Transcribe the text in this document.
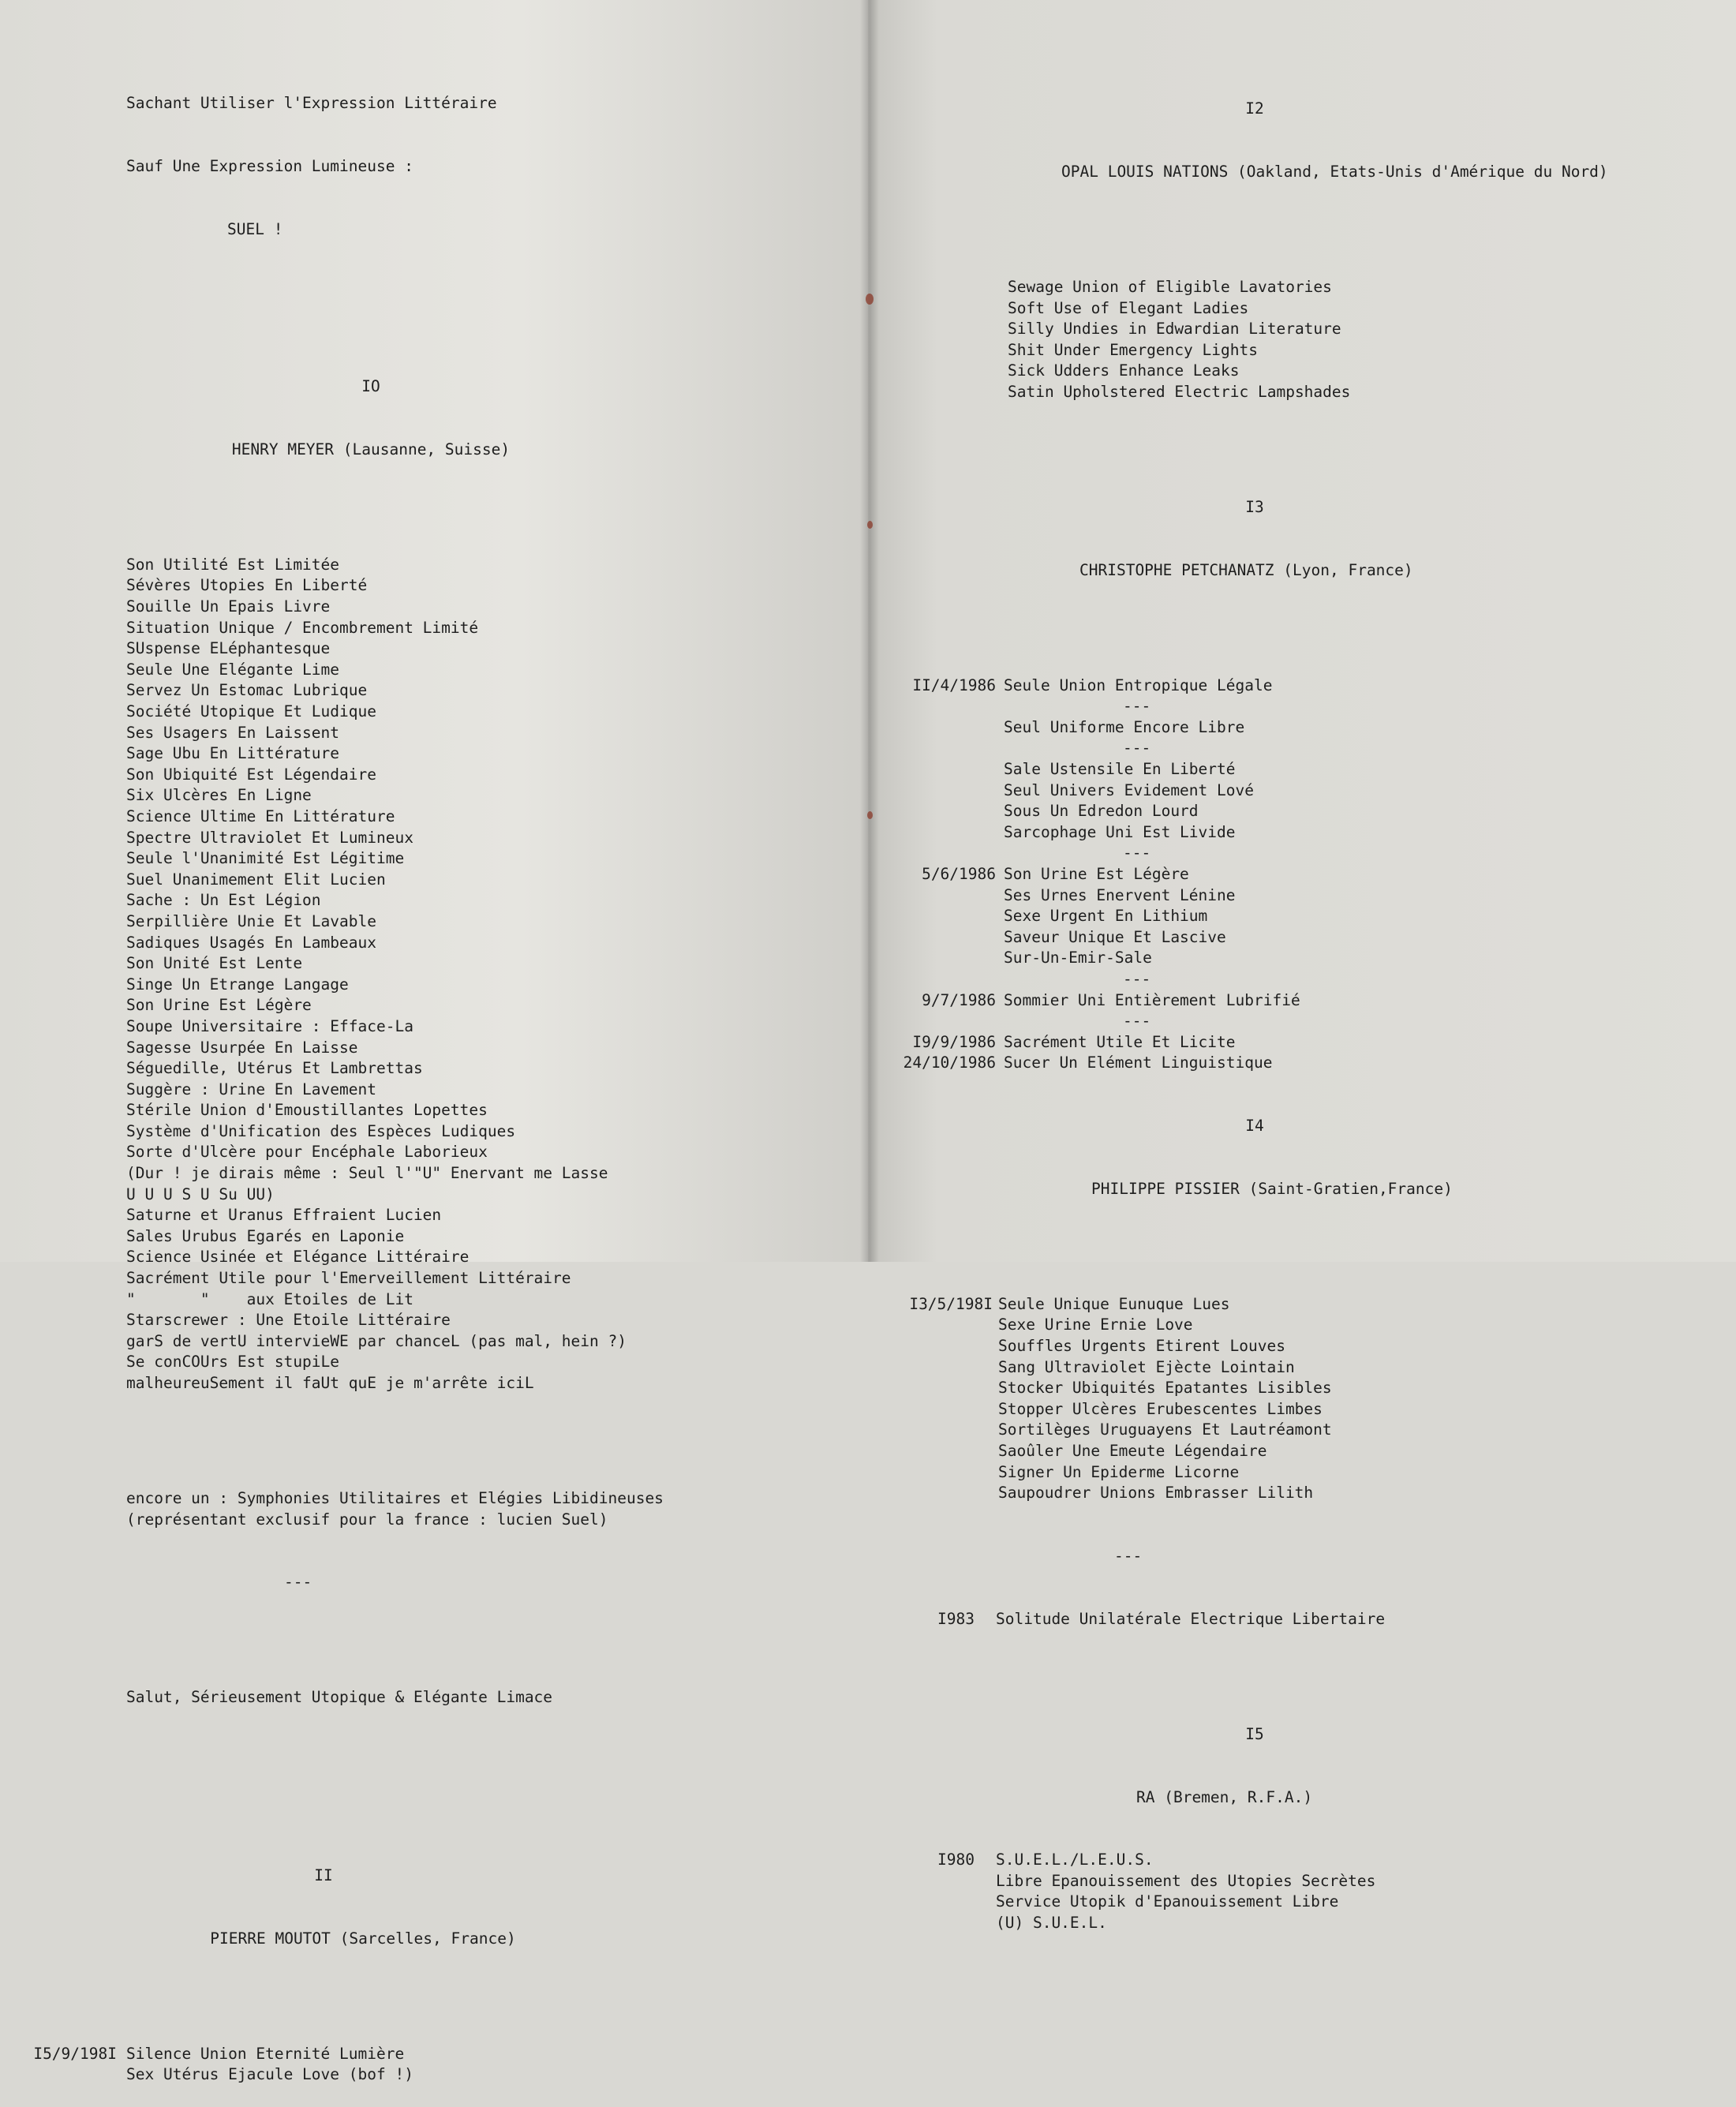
Sachant Utiliser l'Expression Littéraire

Sauf Une Expression Lumineuse :

SUEL !

IO

HENRY MEYER (Lausanne, Suisse)

Son Utilité Est Limitée
Sévères Utopies En Liberté
Souille Un Epais Livre
Situation Unique / Encombrement Limité
SUspense ELéphantesque
Seule Une Elégante Lime
Servez Un Estomac Lubrique
Société Utopique Et Ludique
Ses Usagers En Laissent
Sage Ubu En Littérature
Son Ubiquité Est Légendaire
Six Ulcères En Ligne
Science Ultime En Littérature
Spectre Ultraviolet Et Lumineux
Seule l'Unanimité Est Légitime
Suel Unanimement Elit Lucien
Sache : Un Est Légion
Serpillière Unie Et Lavable
Sadiques Usagés En Lambeaux
Son Unité Est Lente
Singe Un Etrange Langage
Son Urine Est Légère
Soupe Universitaire : Efface-La
Sagesse Usurpée En Laisse
Séguedille, Utérus Et Lambrettas
Suggère : Urine En Lavement
Stérile Union d'Emoustillantes Lopettes
Système d'Unification des Espèces Ludiques
Sorte d'Ulcère pour Encéphale Laborieux
(Dur ! je dirais même : Seul l'"U" Enervant me Lasse
U U U S U Su UU)
Saturne et Uranus Effraient Lucien
Sales Urubus Egarés en Laponie
Science Usinée et Elégance Littéraire
Sacrément Utile pour l'Emerveillement Littéraire
"       "    aux Etoiles de Lit
Starscrewer : Une Etoile Littéraire
garS de vertU intervieWE par chanceL (pas mal, hein ?)
Se conCOUrs Est stupiLe
malheureuSement il faUt quE je m'arrête iciL

encore un : Symphonies Utilitaires et Elégies Libidineuses
(représentant exclusif pour la france : lucien Suel)

---

Salut, Sérieusement Utopique & Elégante Limace

II

PIERRE MOUTOT (Sarcelles, France)

I5/9/198I Silence Union Eternité Lumière
Sex Utérus Ejacule Love (bof !)

I2

OPAL LOUIS NATIONS (Oakland, Etats-Unis d'Amérique du Nord)

Sewage Union of Eligible Lavatories
Soft Use of Elegant Ladies
Silly Undies in Edwardian Literature
Shit Under Emergency Lights
Sick Udders Enhance Leaks
Satin Upholstered Electric Lampshades

I3

CHRISTOPHE PETCHANATZ (Lyon, France)

II/4/1986 Seule Union Entropique Légale
---
Seul Uniforme Encore Libre
---
Sale Ustensile En Liberté
Seul Univers Evidement Lové
Sous Un Edredon Lourd
Sarcophage Uni Est Livide
---
5/6/1986 Son Urine Est Légère
Ses Urnes Enervent Lénine
Sexe Urgent En Lithium
Saveur Unique Et Lascive
Sur-Un-Emir-Sale
---
9/7/1986 Sommier Uni Entièrement Lubrifié
---
I9/9/1986 Sacrément Utile Et Licite
24/10/1986 Sucer Un Elément Linguistique

I4

PHILIPPE PISSIER (Saint-Gratien,France)

I3/5/198I Seule Unique Eunuque Lues
Sexe Urine Ernie Love
Souffles Urgents Etirent Louves
Sang Ultraviolet Ejècte Lointain
Stocker Ubiquités Epatantes Lisibles
Stopper Ulcères Erubescentes Limbes
Sortilèges Uruguayens Et Lautréamont
Saoûler Une Emeute Légendaire
Signer Un Epiderme Licorne
Saupoudrer Unions Embrasser Lilith

---

I983	Solitude Unilatérale Electrique Libertaire

I5

RA (Bremen, R.F.A.)

I980	S.U.E.L./L.E.U.S.
Libre Epanouissement des Utopies Secrètes
Service Utopik d'Epanouissement Libre
(U) S.U.E.L.
